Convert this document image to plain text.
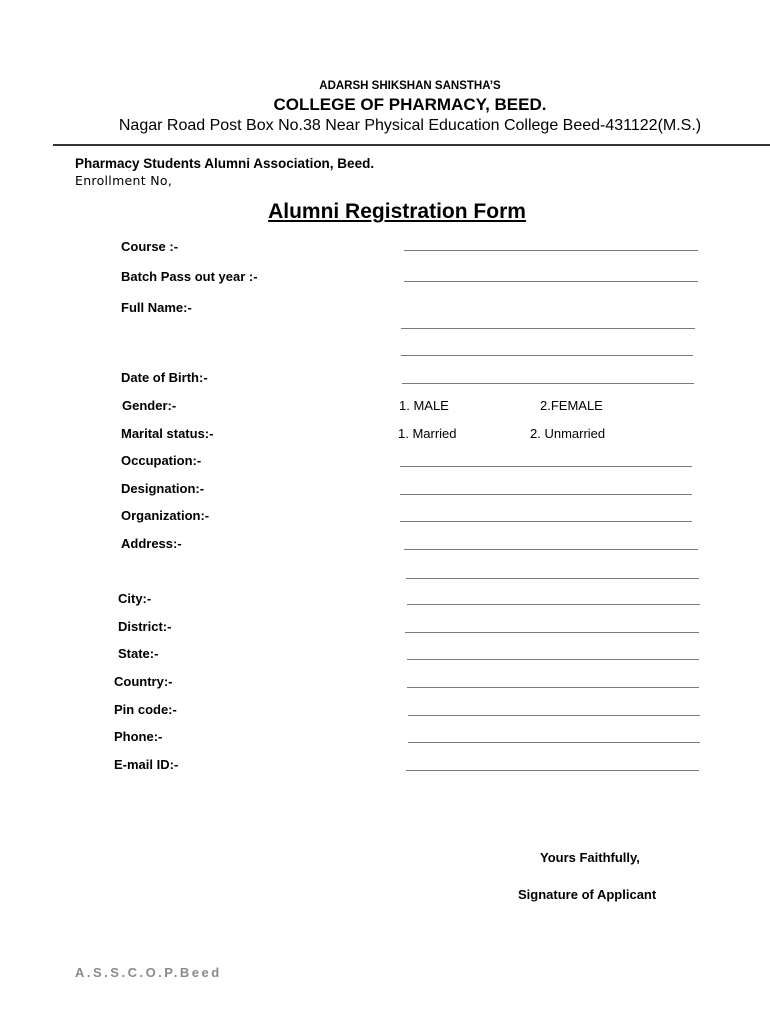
ADARSH SHIKSHAN SANSTHA’S
COLLEGE OF PHARMACY, BEED.
Nagar Road Post Box No.38 Near Physical Education College Beed-431122(M.S.)
Pharmacy Students Alumni Association, Beed.
Enrollment No,
Alumni Registration Form
Course :-
Batch Pass out year :-
Full Name:-
Date of Birth:-
Gender:-	1. MALE	2.FEMALE
Marital status:-	1. Married	2. Unmarried
Occupation:-
Designation:-
Organization:-
Address:-
City:-
District:-
State:-
Country:-
Pin code:-
Phone:-
E-mail ID:-
Yours Faithfully,
Signature of Applicant
A.S.S.C.O.P.Beed
